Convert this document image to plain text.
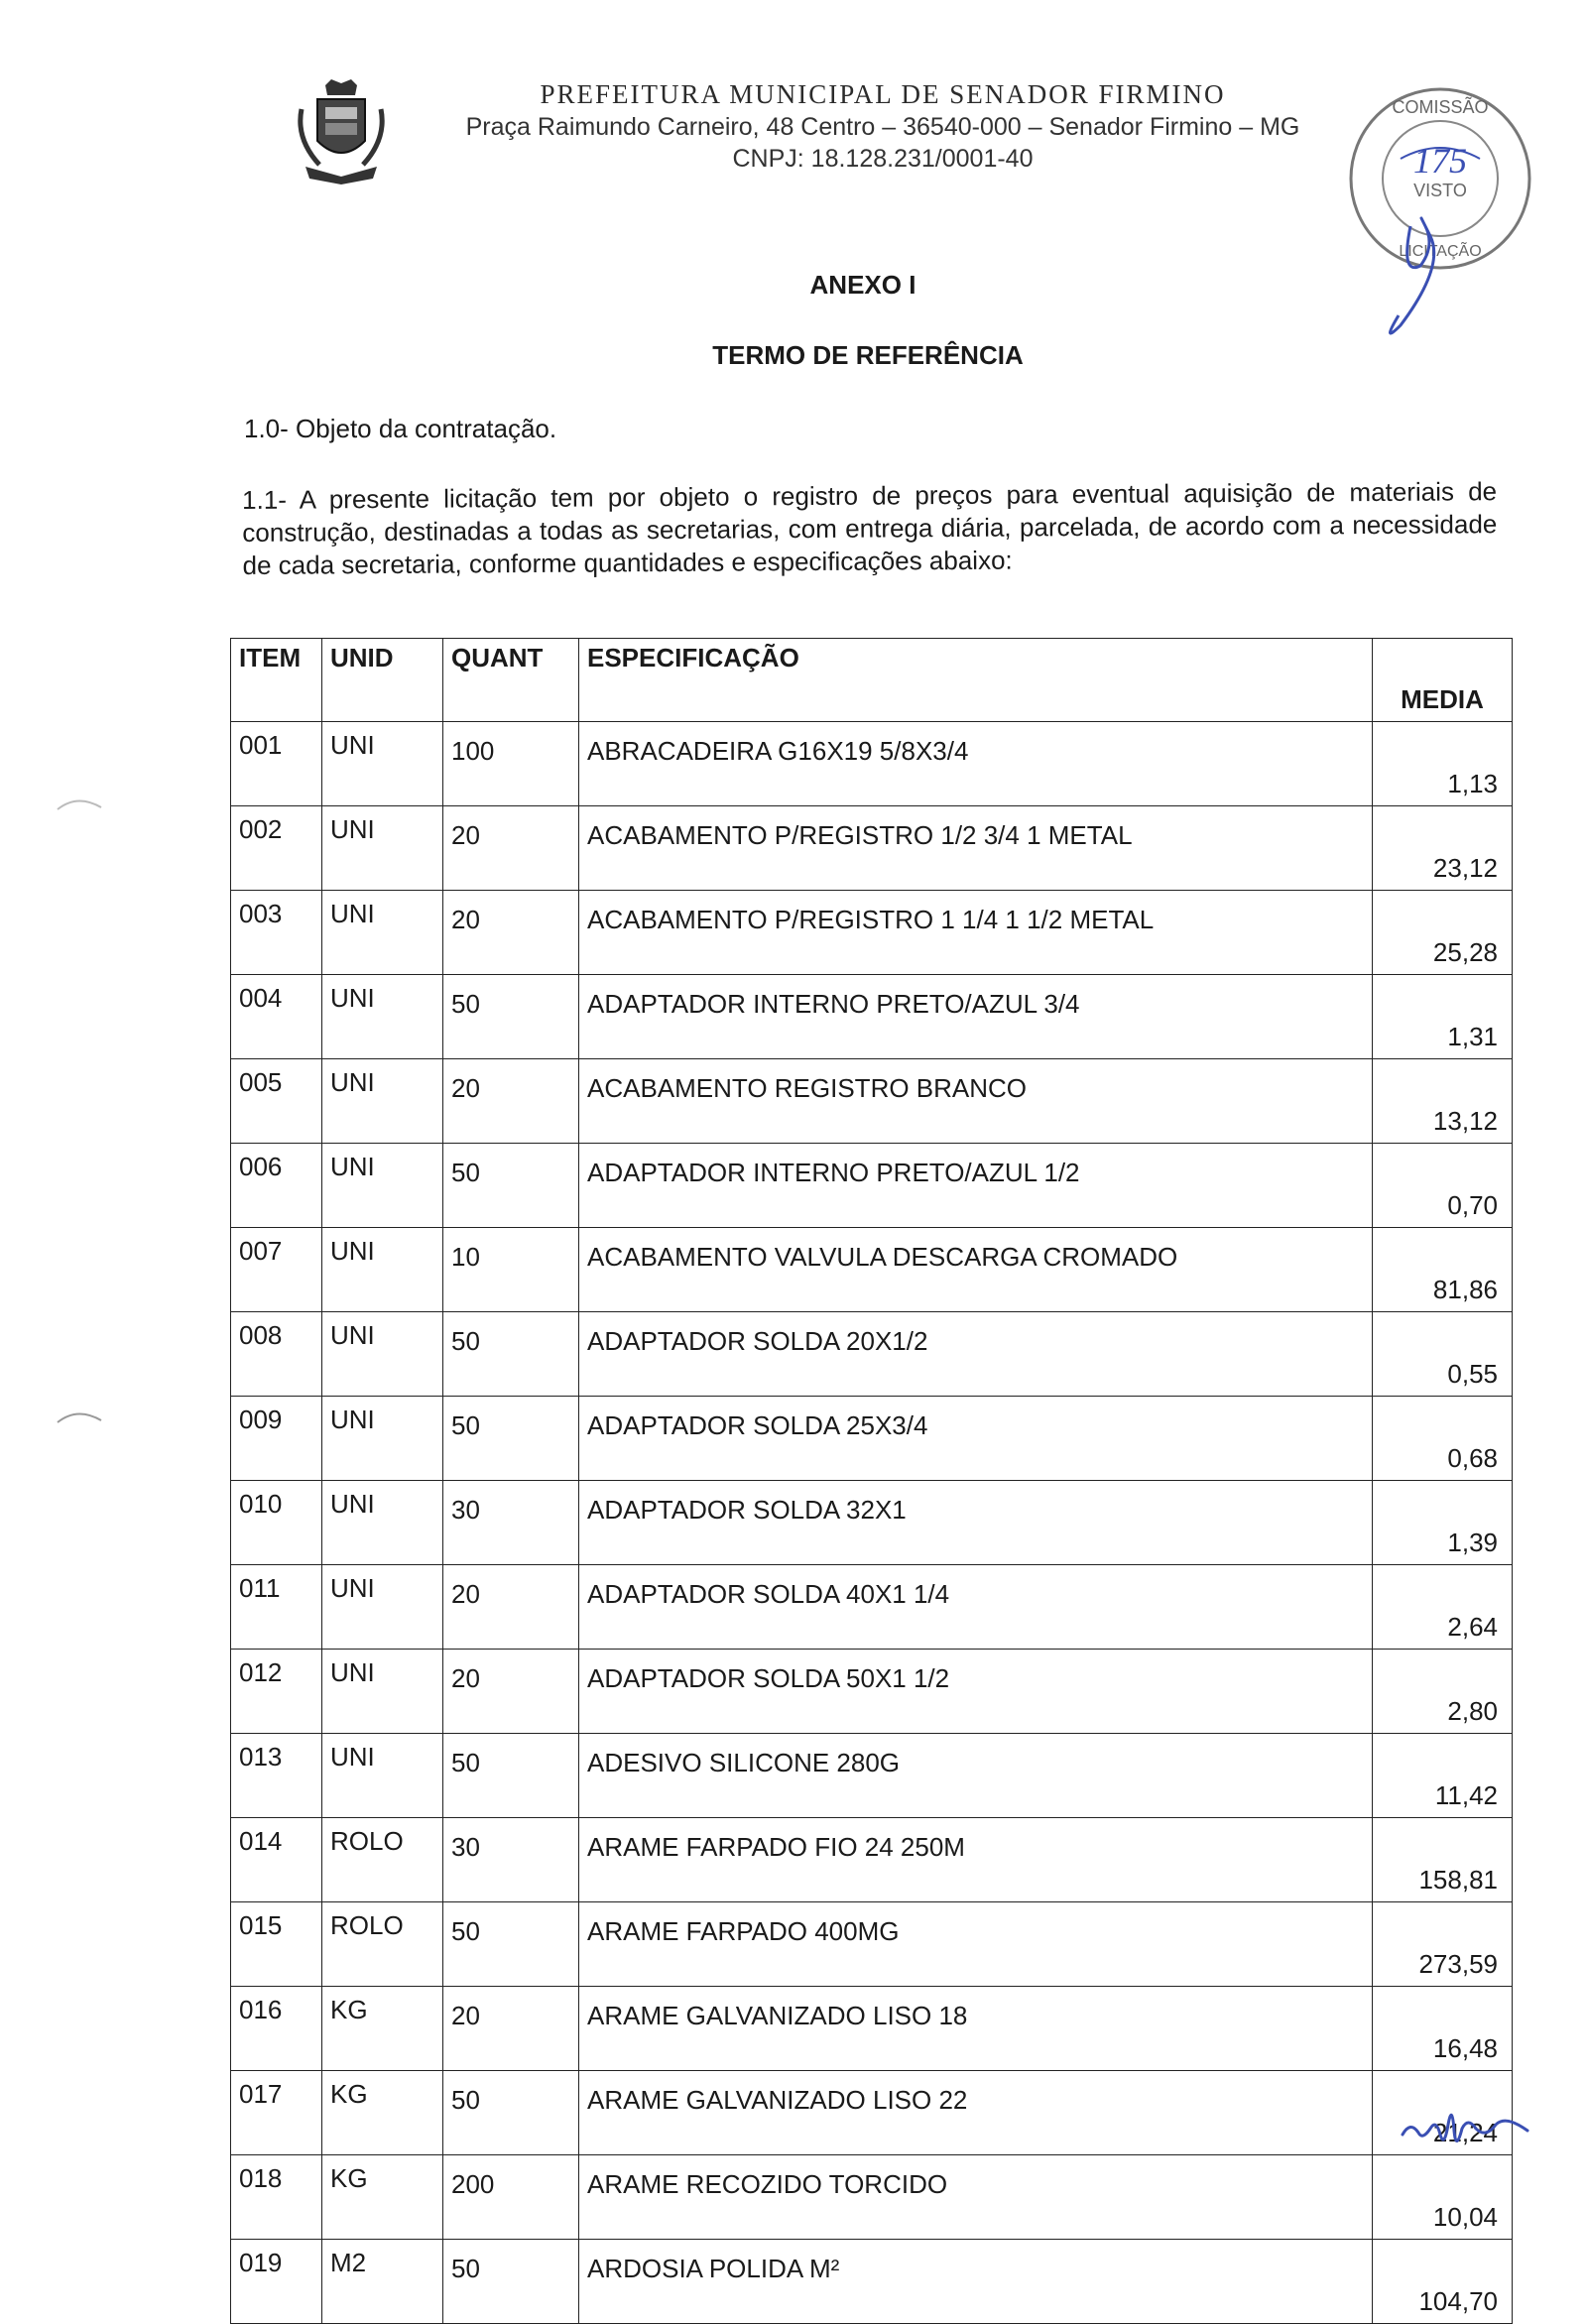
PREFEITURA MUNICIPAL DE SENADOR FIRMINO
Praça Raimundo Carneiro, 48 Centro – 36540-000 – Senador Firmino – MG
CNPJ: 18.128.231/0001-40
COMISSÃO
VISTO
LICITAÇÃO
175
ANEXO I
TERMO DE REFERÊNCIA
1.0- Objeto da contratação.
1.1- A presente licitação tem por objeto o registro de preços para eventual aquisição de materiais de construção, destinadas a todas as secretarias, com entrega diária, parcelada, de acordo com a necessidade de cada secretaria, conforme quantidades e especificações abaixo:
ITEM	UNID	QUANT	ESPECIFICAÇÃO	MEDIA
001	UNI	100	ABRACADEIRA G16X19 5/8X3/4	1,13
002	UNI	20	ACABAMENTO P/REGISTRO 1/2 3/4 1 METAL	23,12
003	UNI	20	ACABAMENTO P/REGISTRO 1 1/4 1 1/2 METAL	25,28
004	UNI	50	ADAPTADOR INTERNO PRETO/AZUL 3/4	1,31
005	UNI	20	ACABAMENTO REGISTRO BRANCO	13,12
006	UNI	50	ADAPTADOR INTERNO PRETO/AZUL 1/2	0,70
007	UNI	10	ACABAMENTO VALVULA DESCARGA CROMADO	81,86
008	UNI	50	ADAPTADOR SOLDA 20X1/2	0,55
009	UNI	50	ADAPTADOR SOLDA 25X3/4	0,68
010	UNI	30	ADAPTADOR SOLDA 32X1	1,39
011	UNI	20	ADAPTADOR SOLDA 40X1 1/4	2,64
012	UNI	20	ADAPTADOR SOLDA 50X1 1/2	2,80
013	UNI	50	ADESIVO SILICONE 280G	11,42
014	ROLO	30	ARAME FARPADO FIO 24 250M	158,81
015	ROLO	50	ARAME FARPADO 400MG	273,59
016	KG	20	ARAME GALVANIZADO LISO 18	16,48
017	KG	50	ARAME GALVANIZADO LISO 22	21,24
018	KG	200	ARAME RECOZIDO TORCIDO	10,04
019	M2	50	ARDOSIA POLIDA M²	104,70
